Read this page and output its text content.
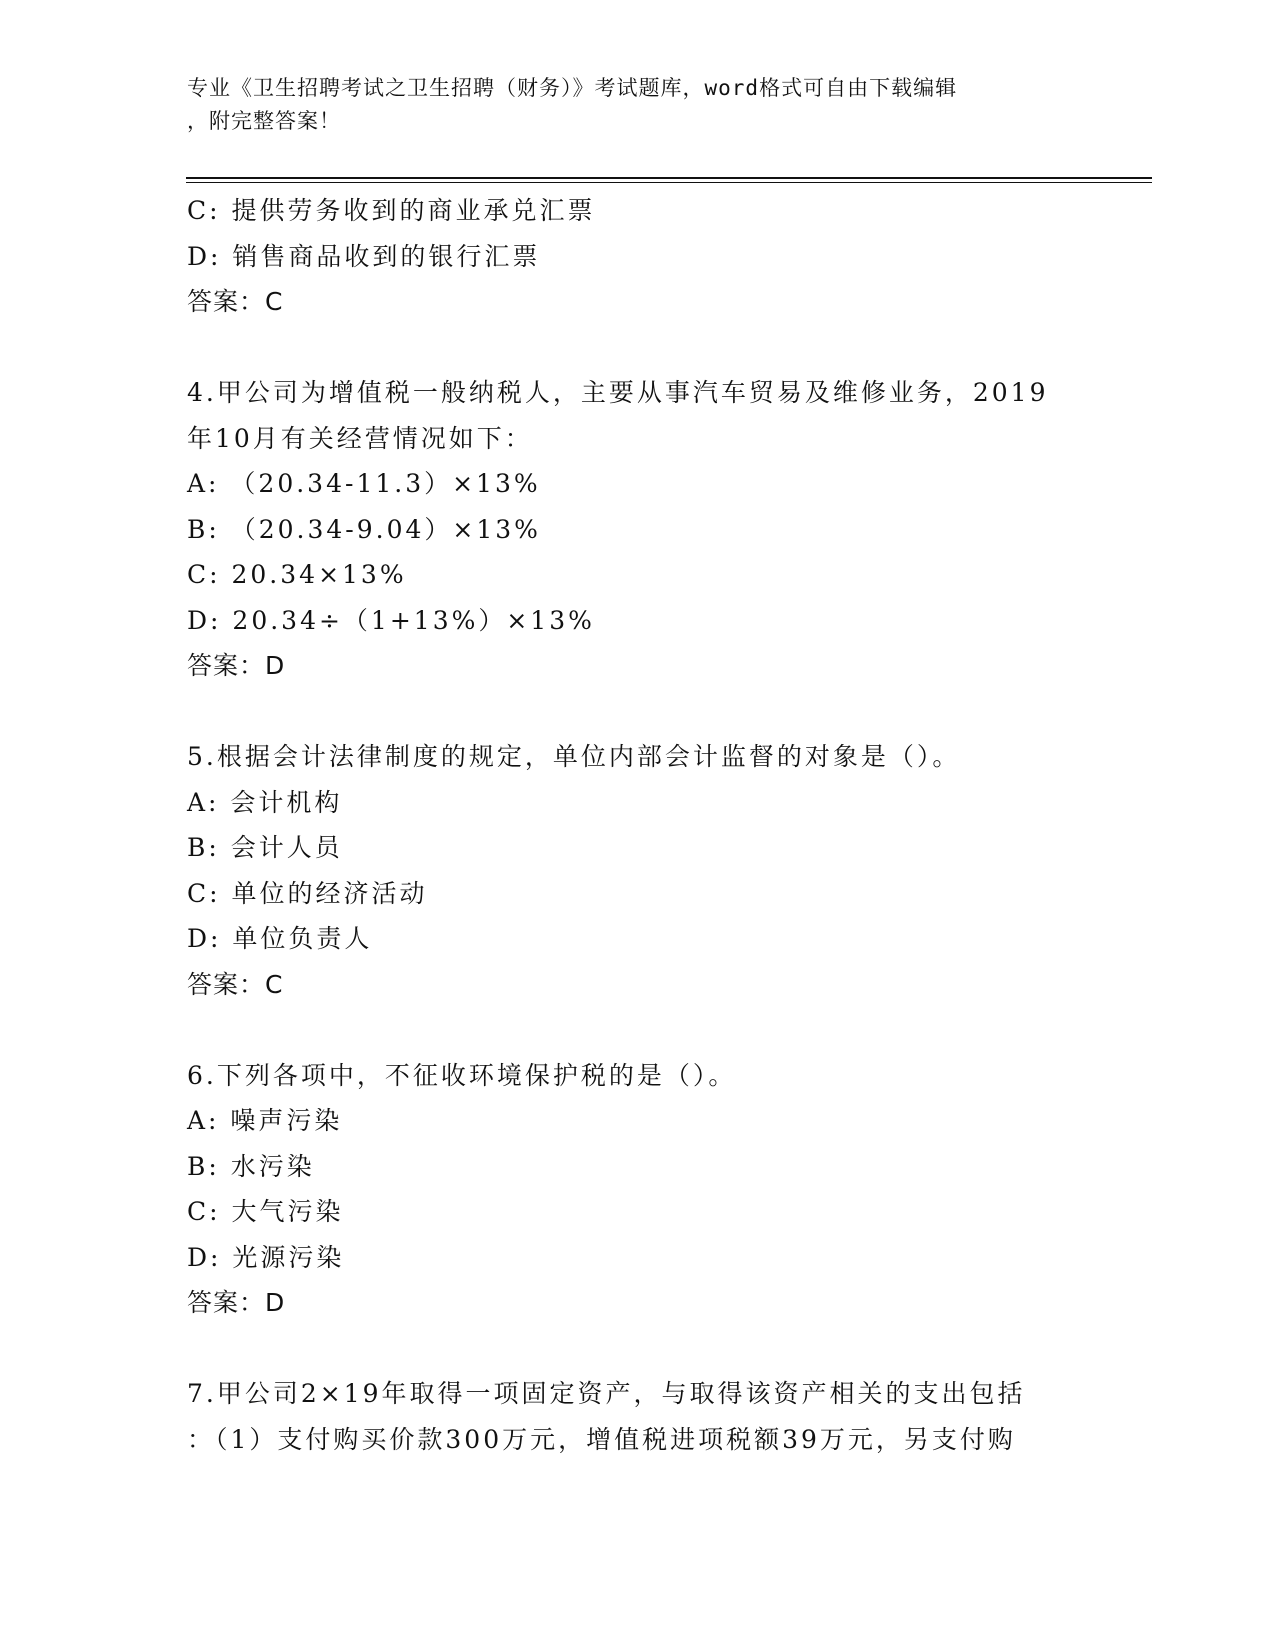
专业《卫生招聘考试之卫生招聘（财务）》考试题库，word格式可自由下载编辑
，附完整答案！
C: 提供劳务收到的商业承兑汇票
D: 销售商品收到的银行汇票
答案：C
4.甲公司为增值税一般纳税人，主要从事汽车贸易及维修业务，2019
年10月有关经营情况如下：
A: （20.34-11.3）×13%
B: （20.34-9.04）×13%
C: 20.34×13%
D: 20.34÷（1+13%）×13%
答案：D
5.根据会计法律制度的规定，单位内部会计监督的对象是（）。
A: 会计机构
B: 会计人员
C: 单位的经济活动
D: 单位负责人
答案：C
6.下列各项中，不征收环境保护税的是（）。
A: 噪声污染
B: 水污染
C: 大气污染
D: 光源污染
答案：D
7.甲公司2×19年取得一项固定资产，与取得该资产相关的支出包括
：（1）支付购买价款300万元，增值税进项税额39万元，另支付购
